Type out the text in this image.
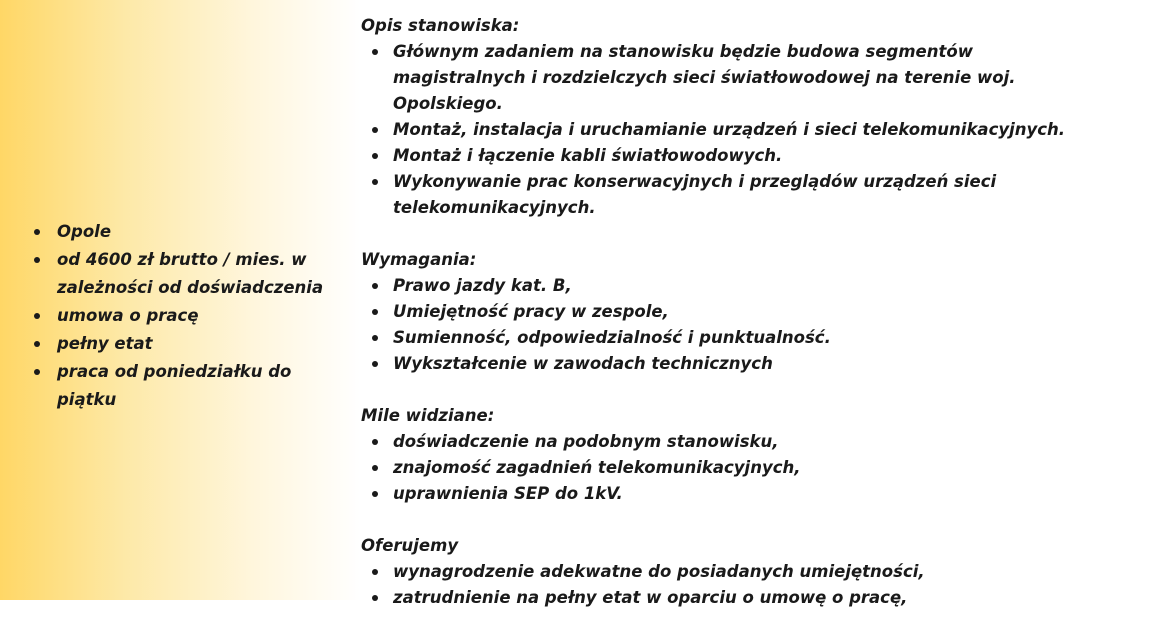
Opole
od 4600 zł brutto / mies. w zależności od doświadczenia
umowa o pracę
pełny etat
praca od poniedziałku do piątku
Opis stanowiska:
Głównym zadaniem na stanowisku będzie budowa segmentów magistralnych i rozdzielczych sieci światłowodowej na terenie woj. Opolskiego.
Montaż, instalacja i uruchamianie urządzeń i sieci telekomunikacyjnych.
Montaż i łączenie kabli światłowodowych.
Wykonywanie prac konserwacyjnych i przeglądów urządzeń sieci telekomunikacyjnych.
Wymagania:
Prawo jazdy kat. B,
Umiejętność pracy w zespole,
Sumienność, odpowiedzialność i punktualność.
Wykształcenie w zawodach technicznych
Mile widziane:
doświadczenie na podobnym stanowisku,
znajomość zagadnień telekomunikacyjnych,
uprawnienia SEP do 1kV.
Oferujemy
wynagrodzenie adekwatne do posiadanych umiejętności,
zatrudnienie na pełny etat w oparciu o umowę o pracę,
